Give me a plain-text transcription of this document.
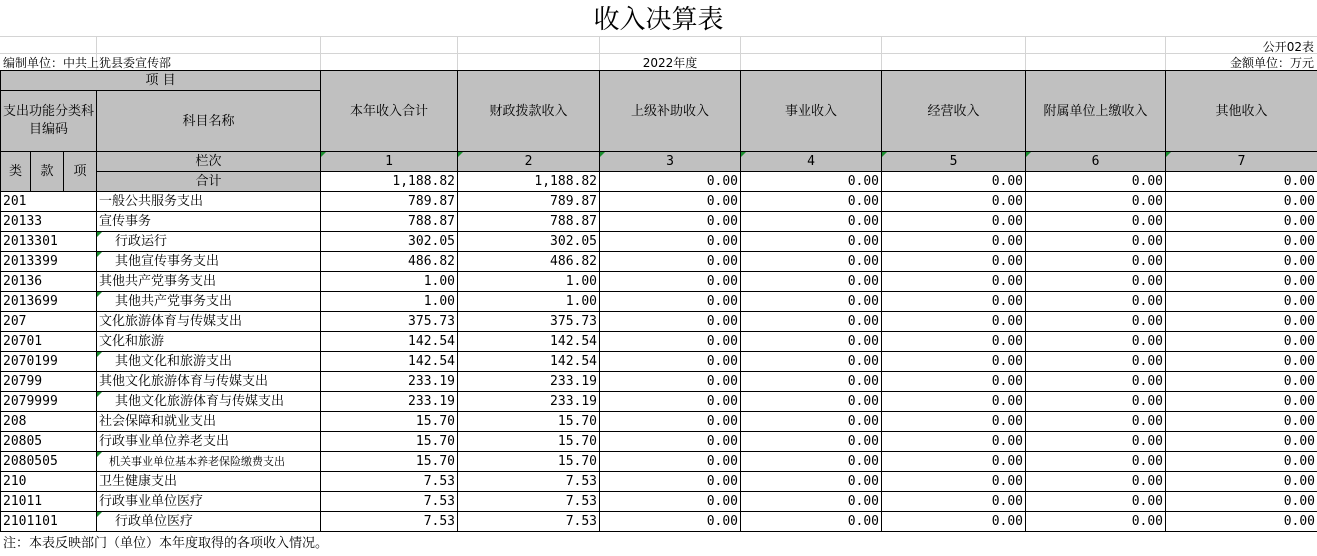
收入决算表
公开02表
编制单位：中共上犹县委宣传部	2022年度	金额单位：万元
项 目				本年收入合计	财政拨款收入	上级补助收入	事业收入	经营收入	附属单位上缴收入	其他收入
支出功能分类科目编码			科目名称							

类	款	项	栏次	1	2	3	4	5	6	7
			合计	1,188.82	1,188.82	0.00	0.00	0.00	0.00	0.00
201			一般公共服务支出	789.87	789.87	0.00	0.00	0.00	0.00	0.00
20133			宣传事务	788.87	788.87	0.00	0.00	0.00	0.00	0.00
2013301			行政运行	302.05	302.05	0.00	0.00	0.00	0.00	0.00
2013399			其他宣传事务支出	486.82	486.82	0.00	0.00	0.00	0.00	0.00
20136			其他共产党事务支出	1.00	1.00	0.00	0.00	0.00	0.00	0.00
2013699			其他共产党事务支出	1.00	1.00	0.00	0.00	0.00	0.00	0.00
207			文化旅游体育与传媒支出	375.73	375.73	0.00	0.00	0.00	0.00	0.00
20701			文化和旅游	142.54	142.54	0.00	0.00	0.00	0.00	0.00
2070199			其他文化和旅游支出	142.54	142.54	0.00	0.00	0.00	0.00	0.00
20799			其他文化旅游体育与传媒支出	233.19	233.19	0.00	0.00	0.00	0.00	0.00
2079999			其他文化旅游体育与传媒支出	233.19	233.19	0.00	0.00	0.00	0.00	0.00
208			社会保障和就业支出	15.70	15.70	0.00	0.00	0.00	0.00	0.00
20805			行政事业单位养老支出	15.70	15.70	0.00	0.00	0.00	0.00	0.00
2080505			机关事业单位基本养老保险缴费支出	15.70	15.70	0.00	0.00	0.00	0.00	0.00
210			卫生健康支出	7.53	7.53	0.00	0.00	0.00	0.00	0.00
21011			行政事业单位医疗	7.53	7.53	0.00	0.00	0.00	0.00	0.00
2101101			行政单位医疗	7.53	7.53	0.00	0.00	0.00	0.00	0.00
注：本表反映部门（单位）本年度取得的各项收入情况。
